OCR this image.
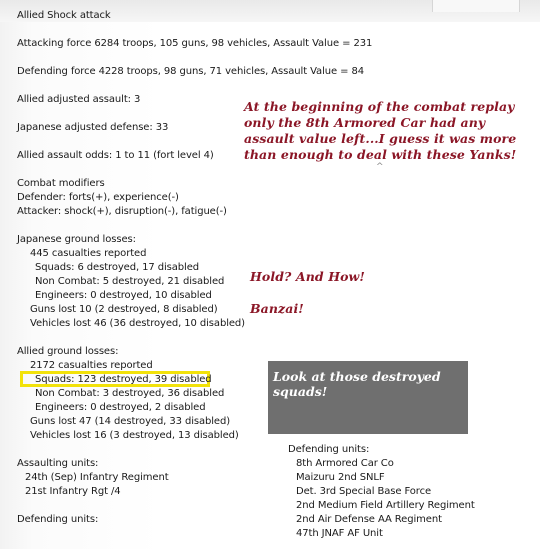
Allied Shock attack

Attacking force 6284 troops, 105 guns, 98 vehicles, Assault Value = 231

Defending force 4228 troops, 98 guns, 71 vehicles, Assault Value = 84

Allied adjusted assault: 3

Japanese adjusted defense: 33

Allied assault odds: 1 to 11 (fort level 4)

Combat modifiers

Defender: forts(+), experience(-)

Attacker: shock(+), disruption(-), fatigue(-)

Japanese ground losses:

445 casualties reported

Squads: 6 destroyed, 17 disabled

Non Combat: 5 destroyed, 21 disabled

Engineers: 0 destroyed, 10 disabled

Guns lost 10 (2 destroyed, 8 disabled)

Vehicles lost 46 (36 destroyed, 10 disabled)

Allied ground losses:

2172 casualties reported

Squads: 123 destroyed, 39 disabled

Non Combat: 3 destroyed, 36 disabled

Engineers: 0 destroyed, 2 disabled

Guns lost 47 (14 destroyed, 33 disabled)

Vehicles lost 16 (3 destroyed, 13 disabled)

Assaulting units:

24th (Sep) Infantry Regiment

21st Infantry Rgt /4

Defending units:

Defending units:

8th Armored Car Co

Maizuru 2nd SNLF

Det. 3rd Special Base Force

2nd Medium Field Artillery Regiment

2nd Air Defense AA Regiment

47th JNAF AF Unit

At the beginning of the combat replay

only the 8th Armored Car had any

assault value left...I guess it was more

than enough to deal with these Yanks!

^

Hold? And How!

Banzai!

Look at those destroyed squads!
